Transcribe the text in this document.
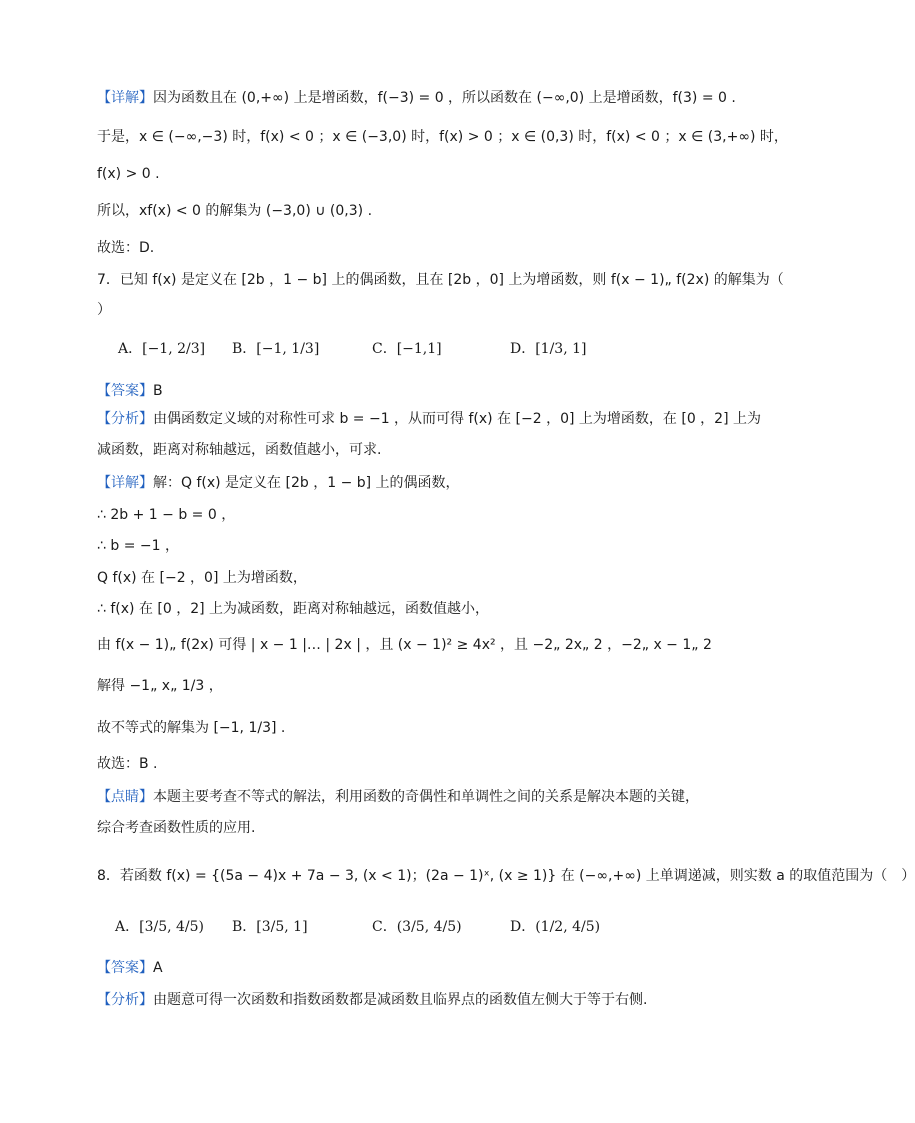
【详解】因为函数且在 (0,+∞) 上是增函数，f(−3) = 0 ，所以函数在 (−∞,0) 上是增函数，f(3) = 0 .
于是，x ∈ (−∞,−3) 时，f(x) < 0 ；x ∈ (−3,0) 时，f(x) > 0 ；x ∈ (0,3) 时，f(x) < 0 ；x ∈ (3,+∞) 时，
f(x) > 0 .
所以，xf(x) < 0 的解集为 (−3,0) ∪ (0,3) .
故选：D.
7．已知 f(x) 是定义在 [2b ，1 − b] 上的偶函数，且在 [2b ，0] 上为增函数，则 f(x − 1)„ f(2x) 的解集为（
）
【答案】B
【分析】由偶函数定义域的对称性可求 b = −1 ，从而可得 f(x) 在 [−2 ，0] 上为增函数，在 [0 ，2] 上为
减函数，距离对称轴越远，函数值越小，可求.
【详解】解：Q f(x) 是定义在 [2b ，1 − b] 上的偶函数，
∴ 2b + 1 − b = 0 ，
∴ b = −1 ，
Q f(x) 在 [−2 ，0] 上为增函数，
∴ f(x) 在 [0 ，2] 上为减函数，距离对称轴越远，函数值越小，
由 f(x − 1)„ f(2x) 可得 | x − 1 |… | 2x | ，且 (x − 1)² ≥ 4x² ，且 −2„ 2x„ 2 ，−2„ x − 1„ 2
解得 −1„ x„ 1/3 ，
故不等式的解集为 [−1, 1/3] .
故选：B .
【点睛】本题主要考查不等式的解法，利用函数的奇偶性和单调性之间的关系是解决本题的关键，
综合考查函数性质的应用.
8．若函数 f(x) = {(5a − 4)x + 7a − 3, (x < 1)；(2a − 1)ˣ, (x ≥ 1)} 在 (−∞,+∞) 上单调递减，则实数 a 的取值范围为（　）
【答案】A
【分析】由题意可得一次函数和指数函数都是减函数且临界点的函数值左侧大于等于右侧.
A．[−1, 2/3] B．[−1, 1/3]	C．[−1,1]	D．[1/3, 1]
A．[3/5, 4/5) B．[3/5, 1]	C．(3/5, 4/5)	D．(1/2, 4/5)
